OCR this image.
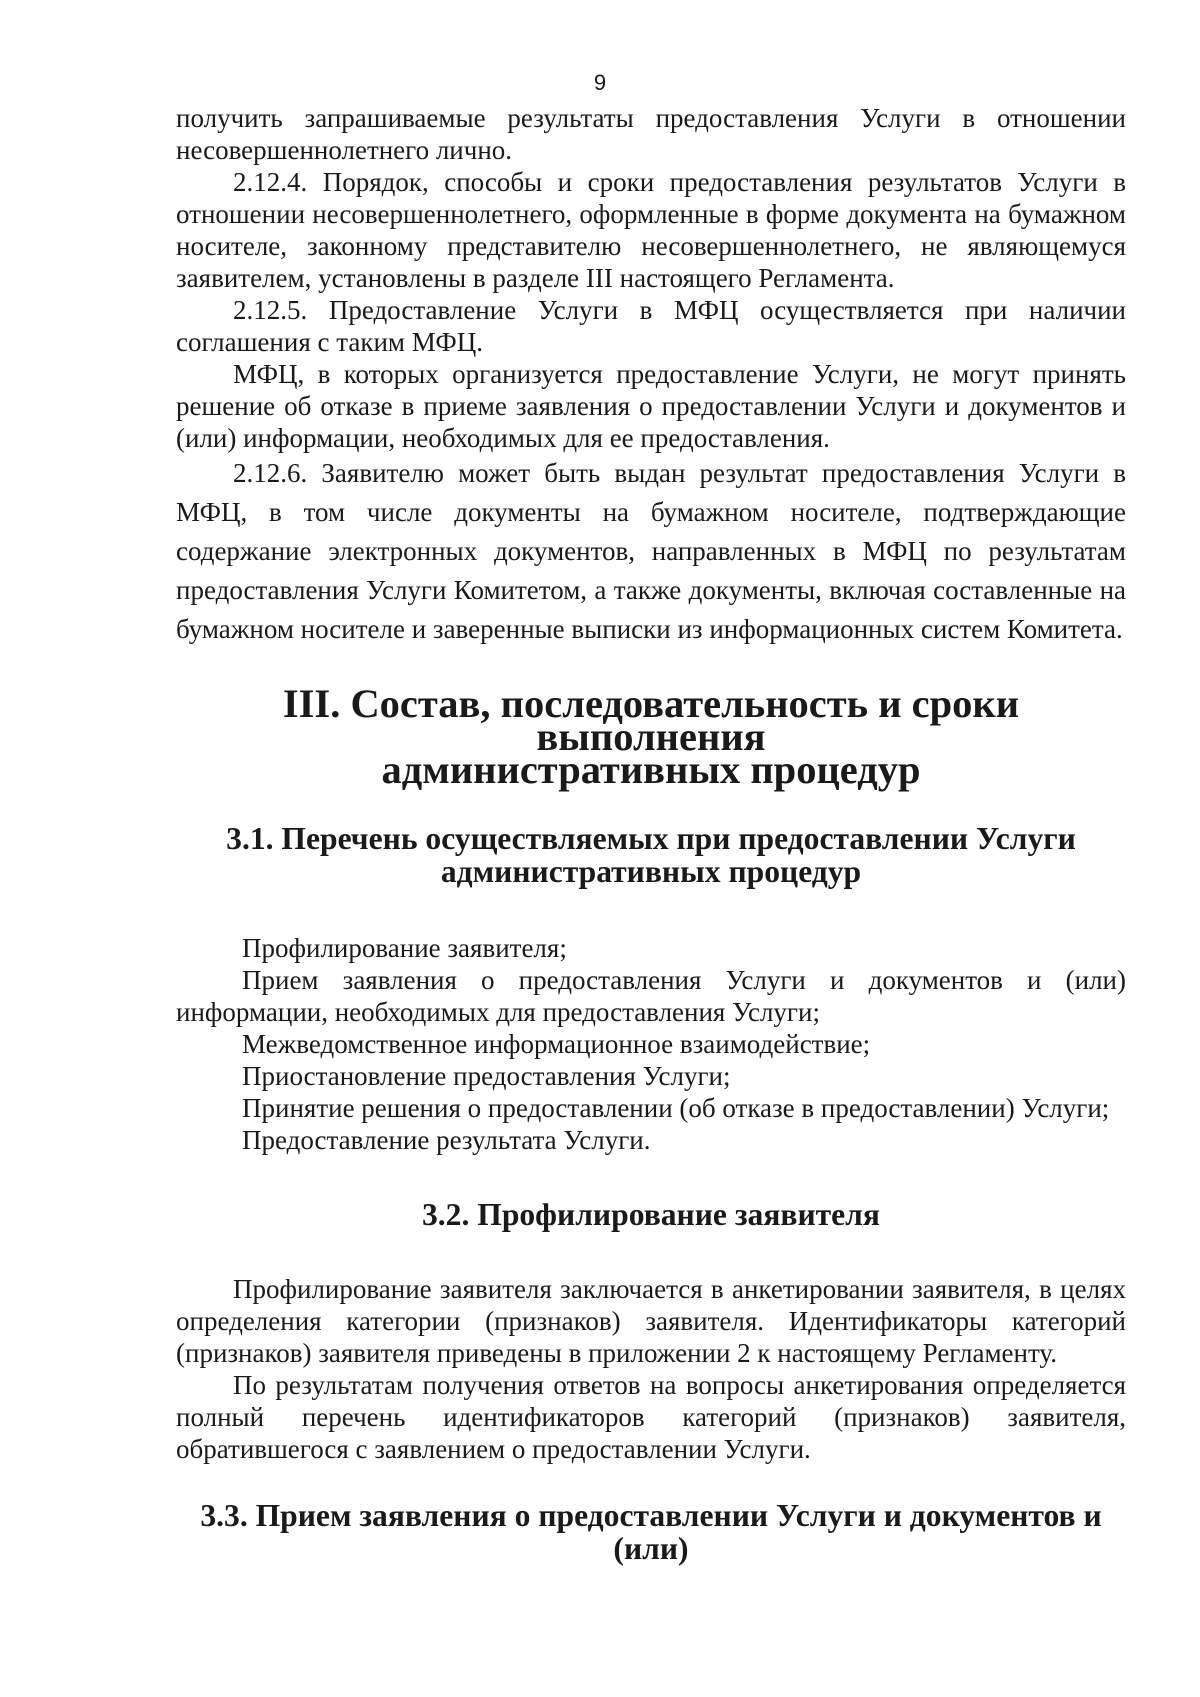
9

получить запрашиваемые результаты предоставления Услуги в отношении несовершеннолетнего лично.

2.12.4. Порядок, способы и сроки предоставления результатов Услуги в отношении несовершеннолетнего, оформленные в форме документа на бумажном носителе, законному представителю несовершеннолетнего, не являющемуся заявителем, установлены в разделе III настоящего Регламента.

2.12.5. Предоставление Услуги в МФЦ осуществляется при наличии соглашения с таким МФЦ.

МФЦ, в которых организуется предоставление Услуги, не могут принять решение об отказе в приеме заявления о предоставлении Услуги и документов и (или) информации, необходимых для ее предоставления.

2.12.6. Заявителю может быть выдан результат предоставления Услуги в МФЦ, в том числе документы на бумажном носителе, подтверждающие содержание электронных документов, направленных в МФЦ по результатам предоставления Услуги Комитетом, а также документы, включая составленные на бумажном носителе и заверенные выписки из информационных систем Комитета.

III. Состав, последовательность и сроки выполнения
административных процедур
3.1. Перечень осуществляемых при предоставлении Услуги
административных процедур

Профилирование заявителя;

Прием заявления о предоставления Услуги и документов и (или) информации, необходимых для предоставления Услуги;

Межведомственное информационное взаимодействие;

Приостановление предоставления Услуги;

Принятие решения о предоставлении (об отказе в предоставлении) Услуги;

Предоставление результата Услуги.

3.2. Профилирование заявителя

Профилирование заявителя заключается в анкетировании заявителя, в целях определения категории (признаков) заявителя. Идентификаторы категорий (признаков) заявителя приведены в приложении 2 к настоящему Регламенту.

По результатам получения ответов на вопросы анкетирования определяется полный перечень идентификаторов категорий (признаков) заявителя, обратившегося с заявлением о предоставлении Услуги.

3.3. Прием заявления о предоставлении Услуги и документов и (или)
